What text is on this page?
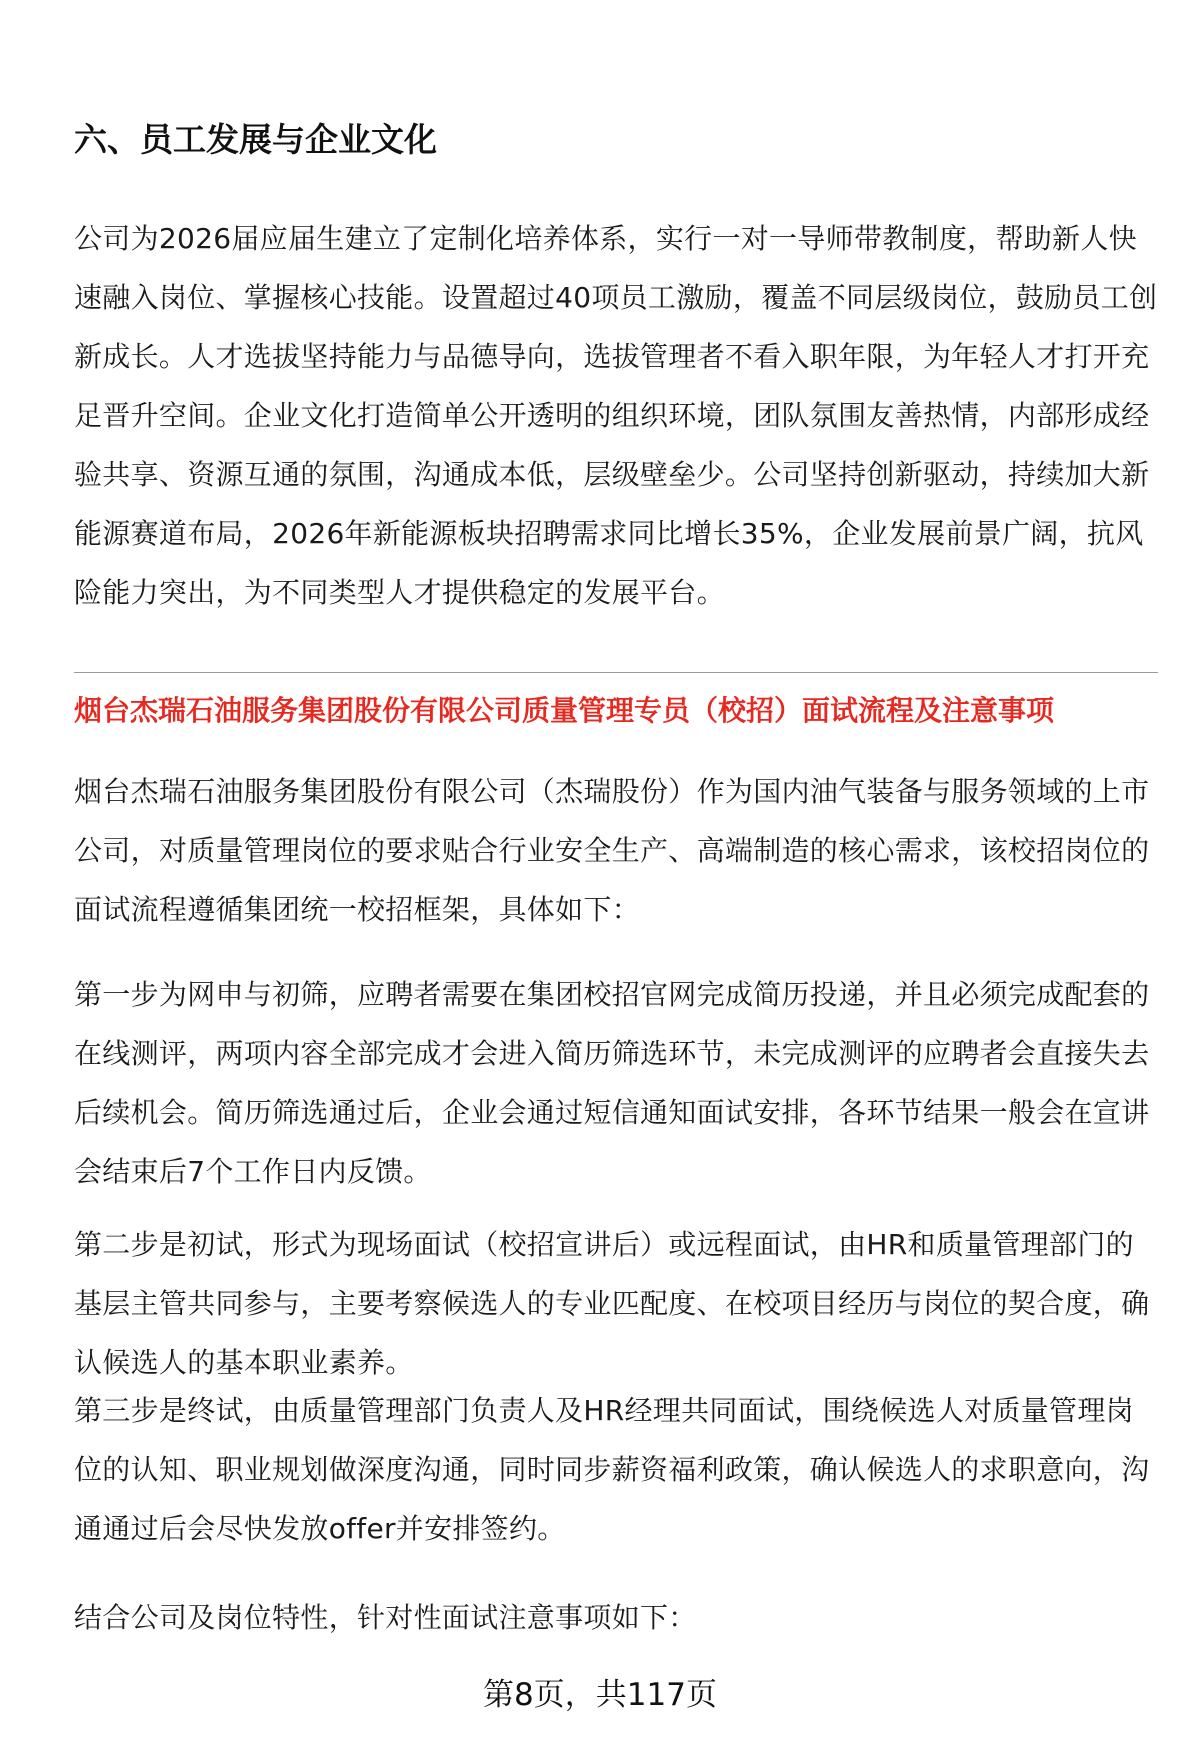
六、员工发展与企业文化

公司为2026届应届生建立了定制化培养体系，实行一对一导师带教制度，帮助新人快速融入岗位、掌握核心技能。设置超过40项员工激励，覆盖不同层级岗位，鼓励员工创新成长。人才选拔坚持能力与品德导向，选拔管理者不看入职年限，为年轻人才打开充足晋升空间。企业文化打造简单公开透明的组织环境，团队氛围友善热情，内部形成经验共享、资源互通的氛围，沟通成本低，层级壁垒少。公司坚持创新驱动，持续加大新能源赛道布局，2026年新能源板块招聘需求同比增长35%，企业发展前景广阔，抗风险能力突出，为不同类型人才提供稳定的发展平台。

烟台杰瑞石油服务集团股份有限公司质量管理专员（校招）面试流程及注意事项

烟台杰瑞石油服务集团股份有限公司（杰瑞股份）作为国内油气装备与服务领域的上市公司，对质量管理岗位的要求贴合行业安全生产、高端制造的核心需求，该校招岗位的面试流程遵循集团统一校招框架，具体如下：

第一步为网申与初筛，应聘者需要在集团校招官网完成简历投递，并且必须完成配套的在线测评，两项内容全部完成才会进入简历筛选环节，未完成测评的应聘者会直接失去后续机会。简历筛选通过后，企业会通过短信通知面试安排，各环节结果一般会在宣讲会结束后7个工作日内反馈。

第二步是初试，形式为现场面试（校招宣讲后）或远程面试，由HR和质量管理部门的基层主管共同参与，主要考察候选人的专业匹配度、在校项目经历与岗位的契合度，确认候选人的基本职业素养。

第三步是终试，由质量管理部门负责人及HR经理共同面试，围绕候选人对质量管理岗位的认知、职业规划做深度沟通，同时同步薪资福利政策，确认候选人的求职意向，沟通通过后会尽快发放offer并安排签约。

结合公司及岗位特性，针对性面试注意事项如下：

第8页，共117页
